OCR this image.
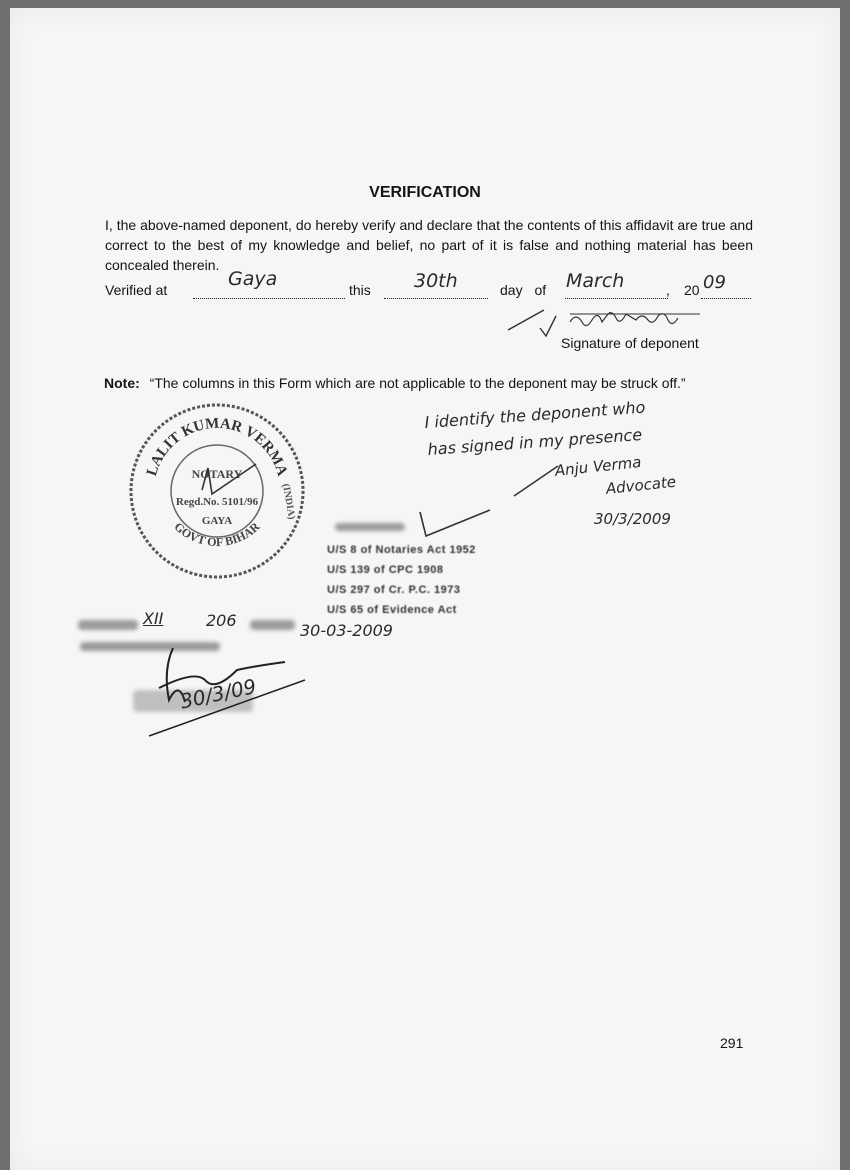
VERIFICATION
I, the above-named deponent, do hereby verify and declare that the contents of this affidavit are true and correct to the best of my knowledge and belief, no part of it is false and nothing material has been concealed therein.
Verified at	Gaya	this 30th	day of March	, 20 09
Signature of deponent
Note: “The columns in this Form which are not applicable to the deponent may be struck off.”
LALIT KUMAR VERMA
GOVT OF BIHAR
NOTARY
Regd.No. 5101/96
GAYA
(INDIA)
I identify the deponent who
has signed in my presence
Anju Verma
Advocate
30/3/2009
U/S 8 of Notaries Act 1952
U/S 139 of CPC 1908
U/S 297 of Cr. P.C. 1973
U/S 65 of Evidence Act
XII	206
30-03-2009
30/3/09
291
